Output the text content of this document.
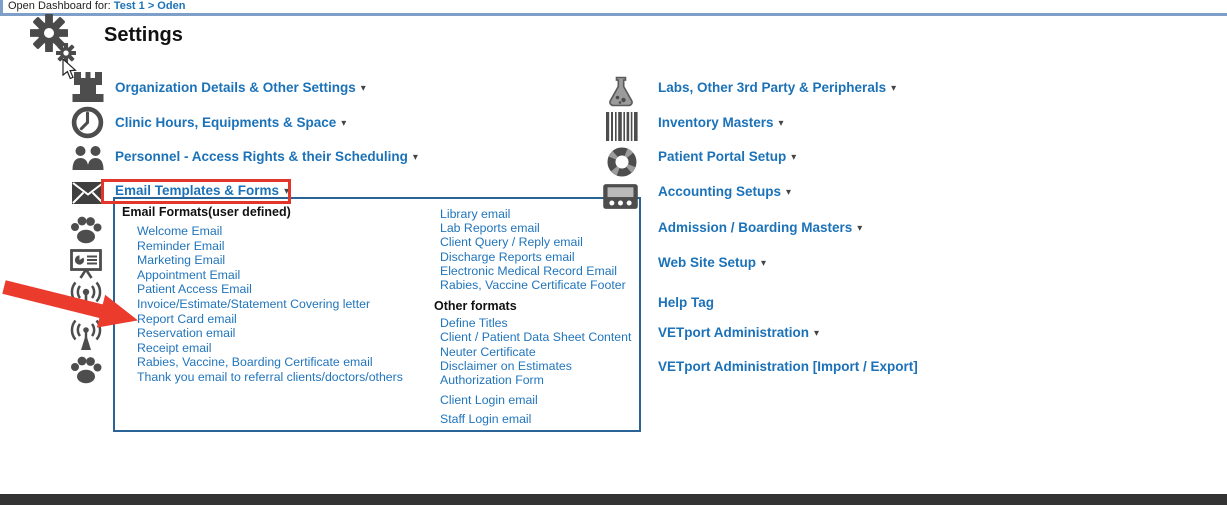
Open Dashboard for: Test 1 > Oden
Settings
Organization Details & Other Settings ▾
Clinic Hours, Equipments & Space ▾
Personnel - Access Rights & their Scheduling ▾
Email Templates & Forms ▾
Labs, Other 3rd Party & Peripherals ▾
Inventory Masters ▾
Patient Portal Setup ▾
Accounting Setups ▾
Admission / Boarding Masters ▾
Web Site Setup ▾
Help Tag
VETport Administration ▾
VETport Administration [Import / Export]
Email Formats(user defined)
Welcome Email
Reminder Email
Marketing Email
Appointment Email
Patient Access Email
Invoice/Estimate/Statement Covering letter
Report Card email
Reservation email
Receipt email
Rabies, Vaccine, Boarding Certificate email
Thank you email to referral clients/doctors/others
Library email
Lab Reports email
Client Query / Reply email
Discharge Reports email
Electronic Medical Record Email
Rabies, Vaccine Certificate Footer
Other formats
Define Titles
Client / Patient Data Sheet Content
Neuter Certificate
Disclaimer on Estimates
Authorization Form
Client Login email
Staff Login email
